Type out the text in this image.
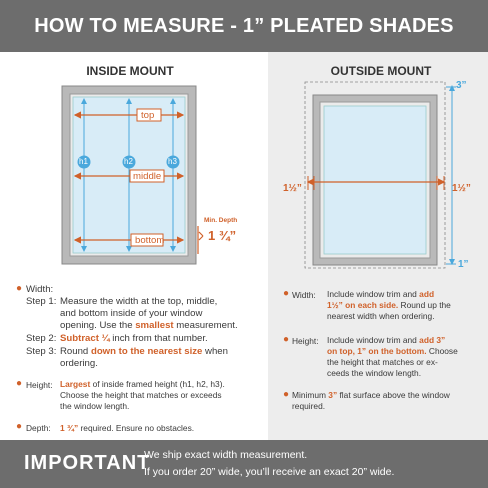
HOW TO MEASURE - 1” PLEATED SHADES
INSIDE MOUNT	OUTSIDE MOUNT
top
middle
bottom
h1	h2	h3
Min. Depth
1 ¾”
3”
1½”	1½”
1”
● Width:
Step 1: Measure the width at the top, middle,
and bottom inside of your window
opening. Use the smallest measurement.
Step 2: Subtract ¼ inch from that number.
Step 3: Round down to the nearest size when
ordering.
● Height: Largest of inside framed height (h1, h2, h3).
Choose the height that matches or exceeds
the window length.
● Depth: 1 ¾” required. Ensure no obstacles.
● Width: Include window trim and add
1½” on each side. Round up the
nearest width when ordering.
● Height: Include window trim and add 3”
on top, 1” on the bottom. Choose
the height that matches or ex-
ceeds the window length.
● Minimum 3” flat surface above the window
required.
IMPORTANT
We ship exact width measurement.
If you order 20” wide, you’ll receive an exact 20” wide.
